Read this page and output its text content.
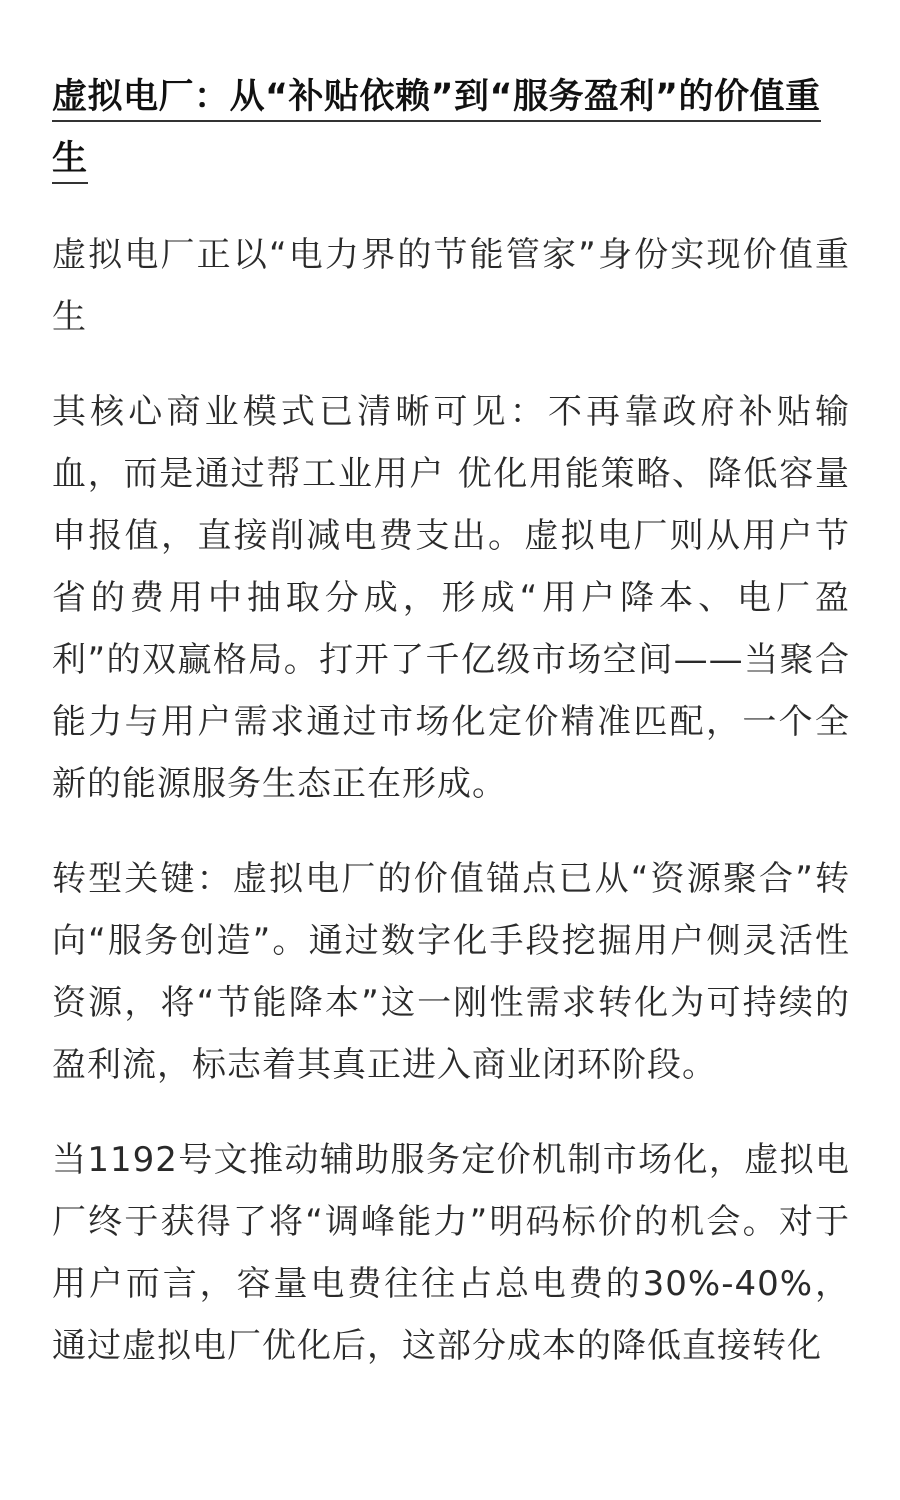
虚拟电厂：从“补贴依赖”到“服务盈利”的价值重生

虚拟电厂正以“电力界的节能管家”身份实现价值重生

其核心商业模式已清晰可见：不再靠政府补贴输血，而是通过帮工业用户 优化用能策略、降低容量申报值，直接削减电费支出。虚拟电厂则从用户节省的费用中抽取分成，形成“用户降本、电厂盈利”的双赢格局。打开了千亿级市场空间——当聚合能力与用户需求通过市场化定价精准匹配，一个全新的能源服务生态正在形成。

转型关键：虚拟电厂的价值锚点已从“资源聚合”转向“服务创造”。通过数字化手段挖掘用户侧灵活性资源，将“节能降本”这一刚性需求转化为可持续的盈利流，标志着其真正进入商业闭环阶段。

当1192号文推动辅助服务定价机制市场化，虚拟电厂终于获得了将“调峰能力”明码标价的机会。对于用户而言，容量电费往往占总电费的30%-40%，通过虚拟电厂优化后，这部分成本的降低直接转化
